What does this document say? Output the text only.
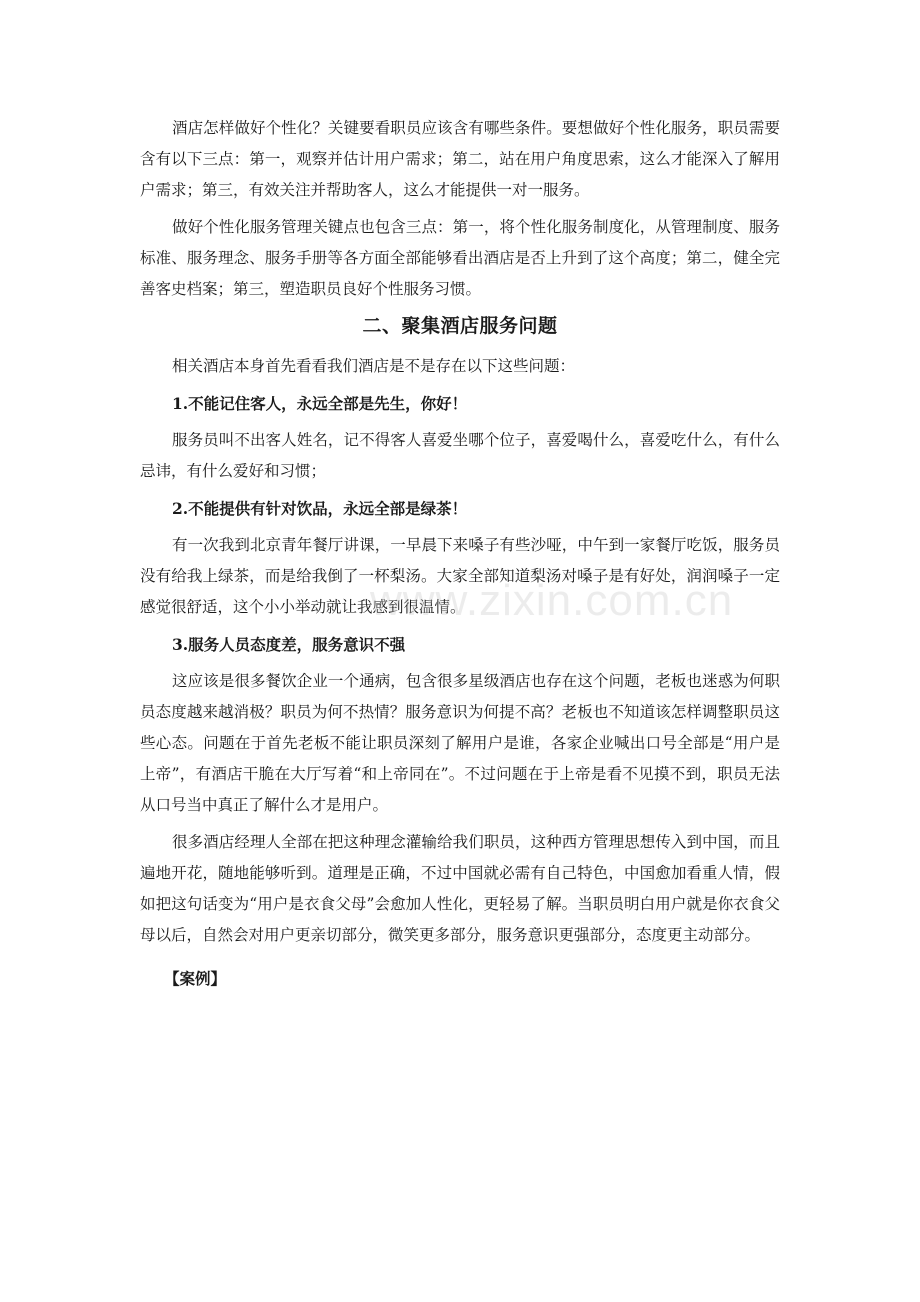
酒店怎样做好个性化？关键要看职员应该含有哪些条件。要想做好个性化服务，职员需要含有以下三点：第一，观察并估计用户需求；第二，站在用户角度思索，这么才能深入了解用户需求；第三，有效关注并帮助客人，这么才能提供一对一服务。

做好个性化服务管理关键点也包含三点：第一，将个性化服务制度化，从管理制度、服务标准、服务理念、服务手册等各方面全部能够看出酒店是否上升到了这个高度；第二，健全完善客史档案；第三，塑造职员良好个性服务习惯。

二、聚集酒店服务问题

相关酒店本身首先看看我们酒店是不是存在以下这些问题：

1.不能记住客人，永远全部是先生，你好！

服务员叫不出客人姓名，记不得客人喜爱坐哪个位子，喜爱喝什么，喜爱吃什么，有什么忌讳，有什么爱好和习惯；

2.不能提供有针对饮品，永远全部是绿茶！

有一次我到北京青年餐厅讲课，一早晨下来嗓子有些沙哑，中午到一家餐厅吃饭，服务员没有给我上绿茶，而是给我倒了一杯梨汤。大家全部知道梨汤对嗓子是有好处，润润嗓子一定感觉很舒适，这个小小举动就让我感到很温情。

3.服务人员态度差，服务意识不强

这应该是很多餐饮企业一个通病，包含很多星级酒店也存在这个问题，老板也迷惑为何职员态度越来越消极？职员为何不热情？服务意识为何提不高？老板也不知道该怎样调整职员这些心态。问题在于首先老板不能让职员深刻了解用户是谁，各家企业喊出口号全部是“用户是上帝”，有酒店干脆在大厅写着“和上帝同在”。不过问题在于上帝是看不见摸不到，职员无法从口号当中真正了解什么才是用户。

很多酒店经理人全部在把这种理念灌输给我们职员，这种西方管理思想传入到中国，而且遍地开花，随地能够听到。道理是正确，不过中国就必需有自己特色，中国愈加看重人情，假如把这句话变为“用户是衣食父母”会愈加人性化，更轻易了解。当职员明白用户就是你衣食父母以后，自然会对用户更亲切部分，微笑更多部分，服务意识更强部分，态度更主动部分。

【案例】
www.zixin.com.cn
